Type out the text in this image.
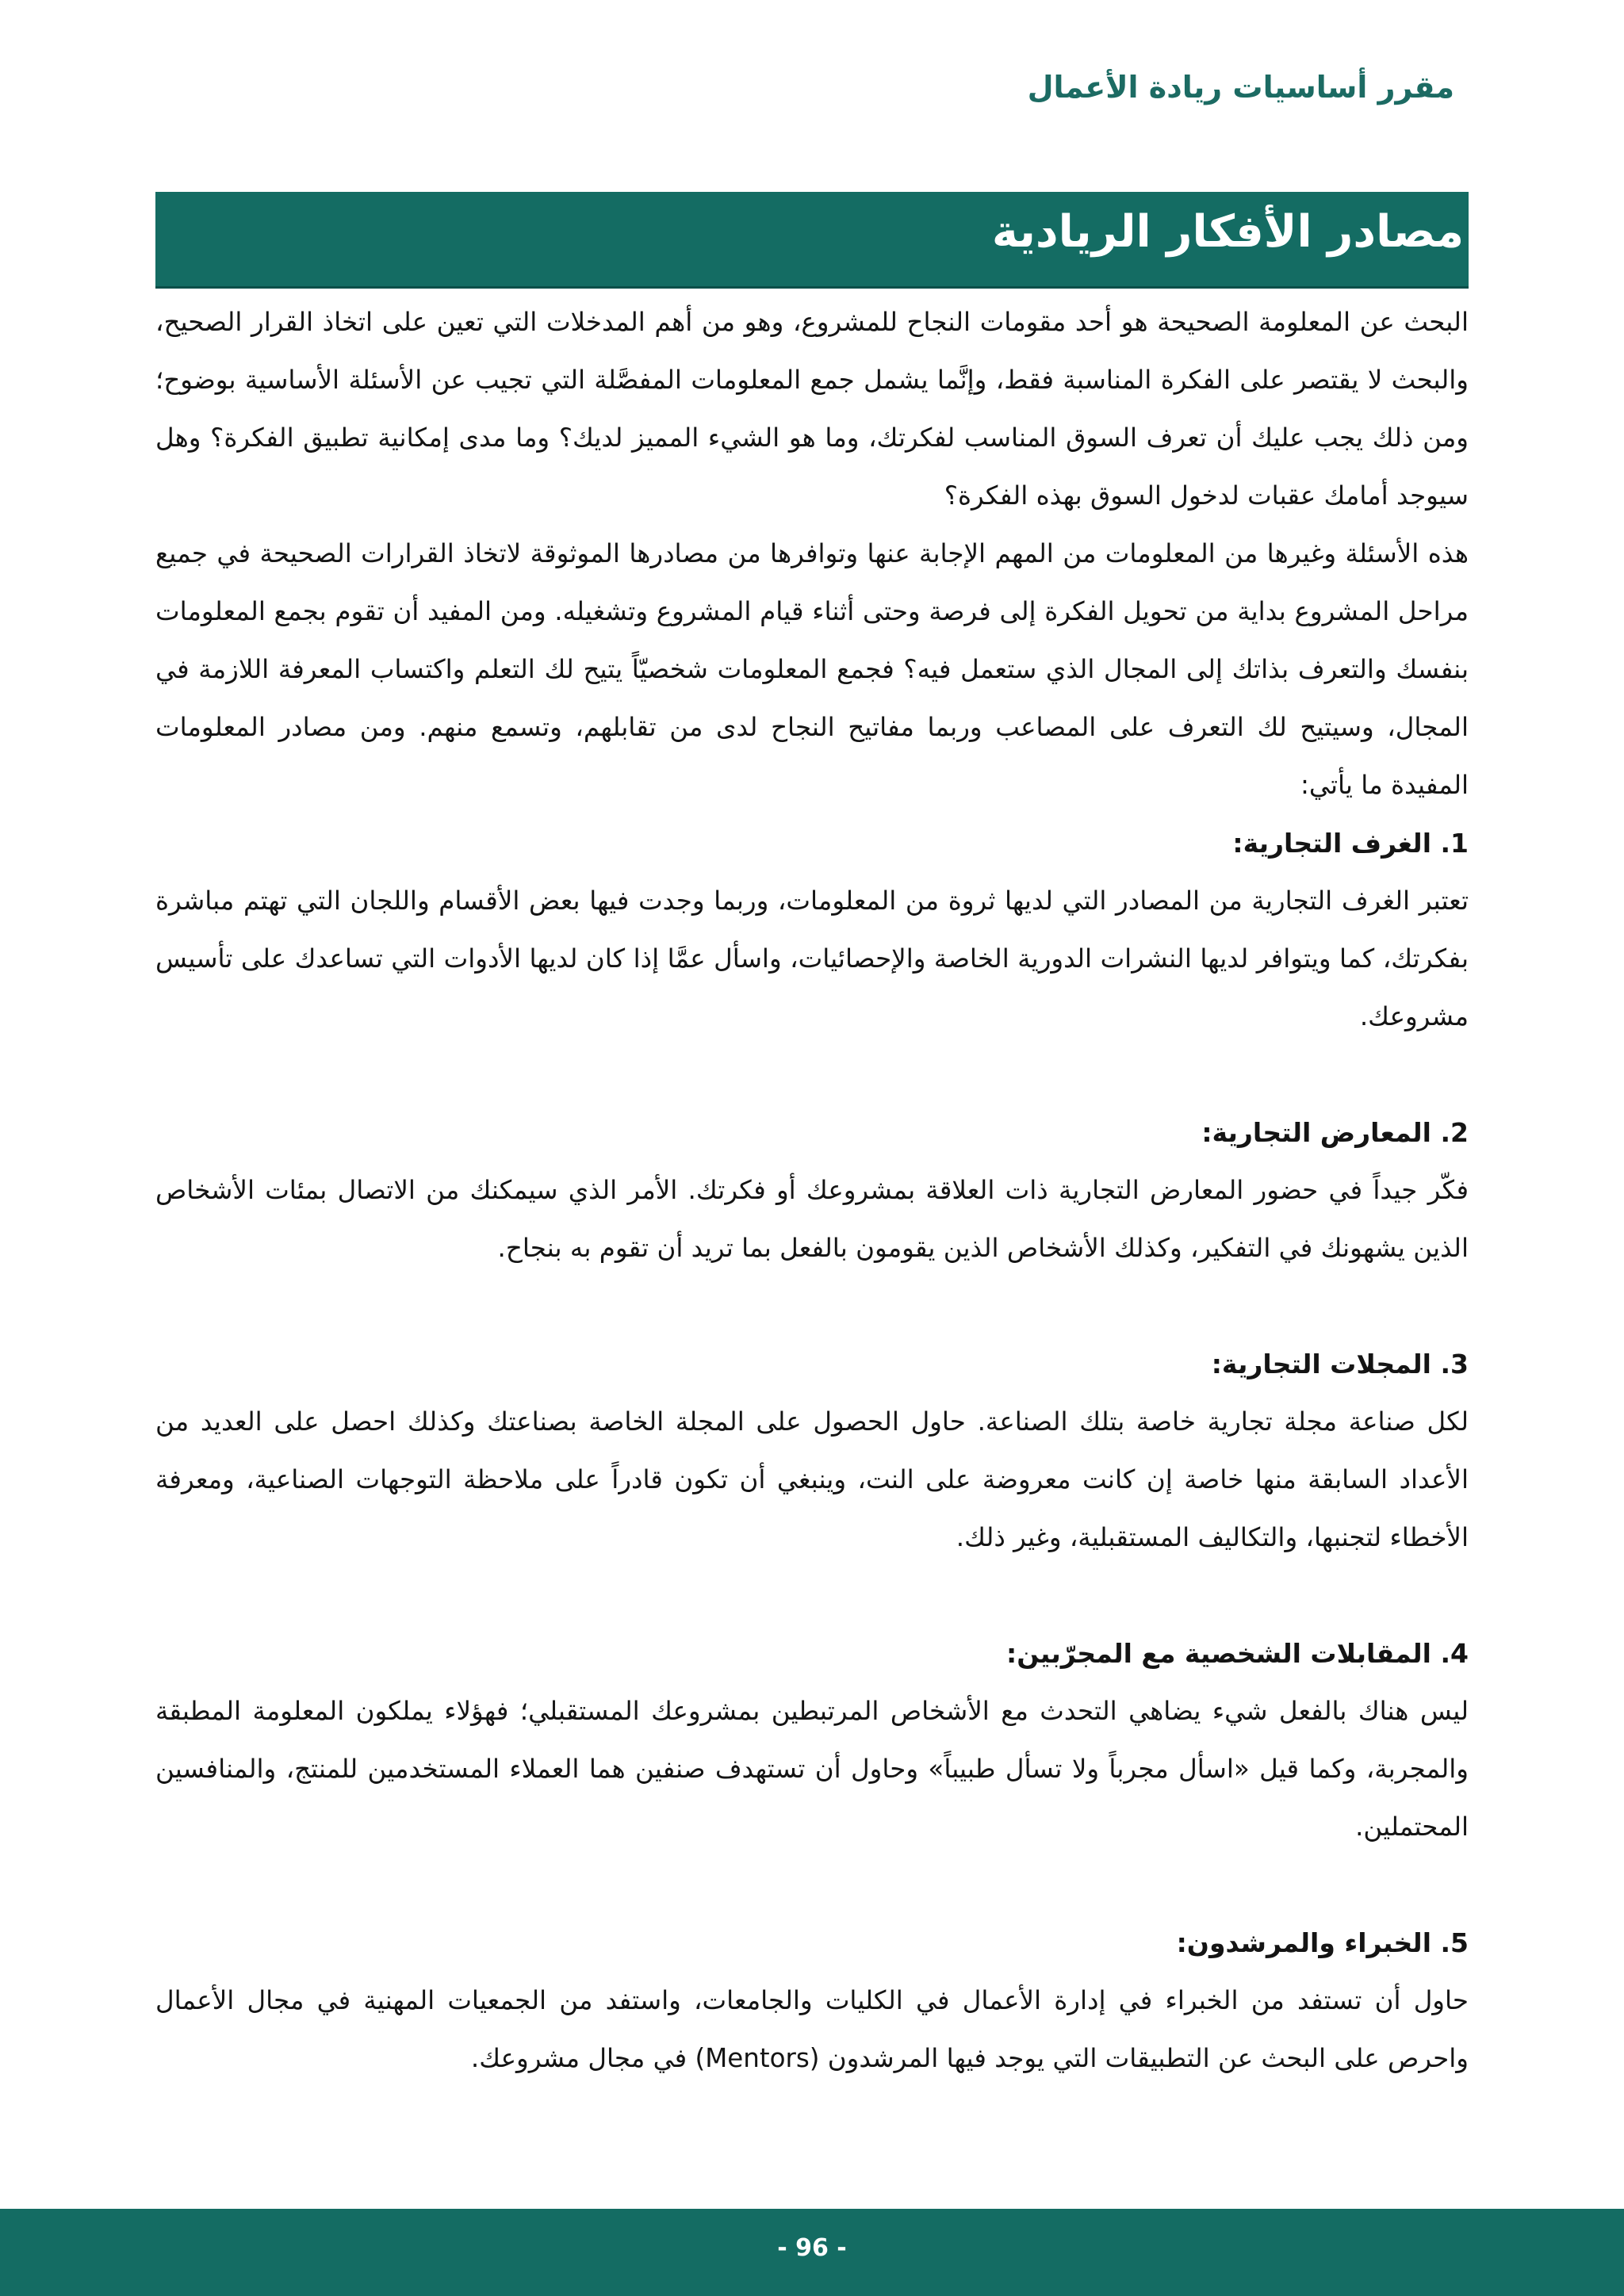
مقرر أساسيات ريادة الأعمال
مصادر الأفكار الريادية

البحث عن المعلومة الصحيحة هو أحد مقومات النجاح للمشروع، وهو من أهم المدخلات التي تعين على اتخاذ القرار الصحيح، والبحث لا يقتصر على الفكرة المناسبة فقط، وإنَّما يشمل جمع المعلومات المفصَّلة التي تجيب عن الأسئلة الأساسية بوضوح؛ ومن ذلك يجب عليك أن تعرف السوق المناسب لفكرتك، وما هو الشيء المميز لديك؟ وما مدى إمكانية تطبيق الفكرة؟ وهل سيوجد أمامك عقبات لدخول السوق بهذه الفكرة؟

هذه الأسئلة وغيرها من المعلومات من المهم الإجابة عنها وتوافرها من مصادرها الموثوقة لاتخاذ القرارات الصحيحة في جميع مراحل المشروع بداية من تحويل الفكرة إلى فرصة وحتى أثناء قيام المشروع وتشغيله. ومن المفيد أن تقوم بجمع المعلومات بنفسك والتعرف بذاتك إلى المجال الذي ستعمل فيه؟ فجمع المعلومات شخصيّاً يتيح لك التعلم واكتساب المعرفة اللازمة في المجال، وسيتيح لك التعرف على المصاعب وربما مفاتيح النجاح لدى من تقابلهم، وتسمع منهم. ومن مصادر المعلومات المفيدة ما يأتي:

1. الغرف التجارية:

تعتبر الغرف التجارية من المصادر التي لديها ثروة من المعلومات، وربما وجدت فيها بعض الأقسام واللجان التي تهتم مباشرة بفكرتك، كما ويتوافر لديها النشرات الدورية الخاصة والإحصائيات، واسأل عمَّا إذا كان لديها الأدوات التي تساعدك على تأسيس مشروعك.

2. المعارض التجارية:

فكّر جيداً في حضور المعارض التجارية ذات العلاقة بمشروعك أو فكرتك. الأمر الذي سيمكنك من الاتصال بمئات الأشخاص الذين يشهونك في التفكير، وكذلك الأشخاص الذين يقومون بالفعل بما تريد أن تقوم به بنجاح.

3. المجلات التجارية:

لكل صناعة مجلة تجارية خاصة بتلك الصناعة. حاول الحصول على المجلة الخاصة بصناعتك وكذلك احصل على العديد من الأعداد السابقة منها خاصة إن كانت معروضة على النت، وينبغي أن تكون قادراً على ملاحظة التوجهات الصناعية، ومعرفة الأخطاء لتجنبها، والتكاليف المستقبلية، وغير ذلك.

4. المقابلات الشخصية مع المجرّبين:

ليس هناك بالفعل شيء يضاهي التحدث مع الأشخاص المرتبطين بمشروعك المستقبلي؛ فهؤلاء يملكون المعلومة المطبقة والمجربة، وكما قيل «اسأل مجرباً ولا تسأل طبيباً» وحاول أن تستهدف صنفين هما العملاء المستخدمين للمنتج، والمنافسين المحتملين.

5. الخبراء والمرشدون:

حاول أن تستفد من الخبراء في إدارة الأعمال في الكليات والجامعات، واستفد من الجمعيات المهنية في مجال الأعمال واحرص على البحث عن التطبيقات التي يوجد فيها المرشدون (Mentors) في مجال مشروعك.

- 96 -
